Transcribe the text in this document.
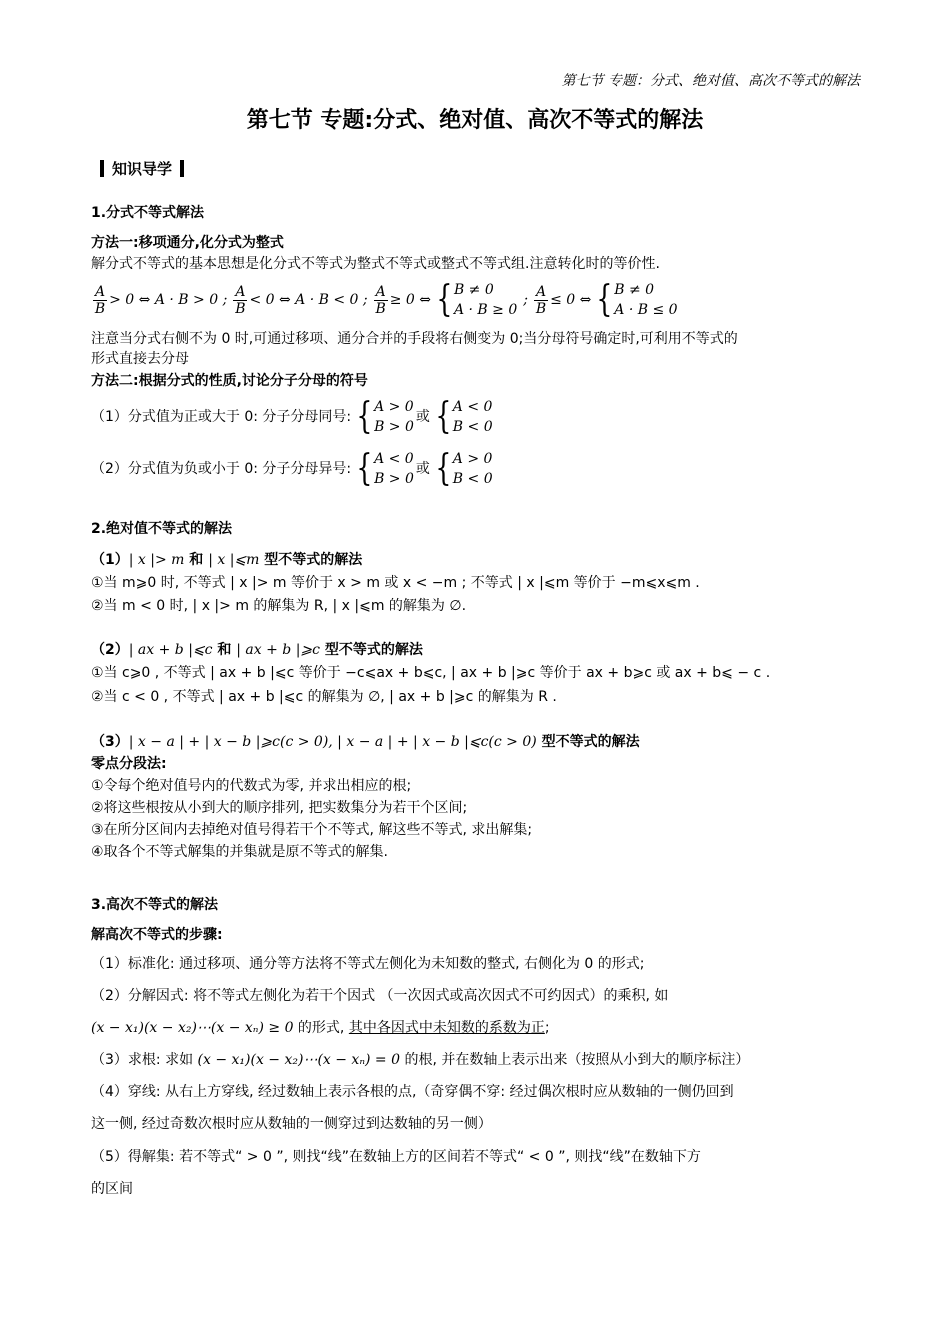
第七节 专题：分式、绝对值、高次不等式的解法
第七节 专题:分式、绝对值、高次不等式的解法
知识导学
1.分式不等式解法
方法一:移项通分,化分式为整式
解分式不等式的基本思想是化分式不等式为整式不等式或整式不等式组.注意转化时的等价性.
$\frac{A}{B} > 0$ ⇔ A · B > 0 ; $\frac{A}{B} < 0$ ⇔ A · B < 0 ; $\frac{A}{B} \ge 0$ ⇔ { B ≠ 0
A · B ≥ 0
; $\frac{A}{B} \le 0$ ⇔ { B ≠ 0
A · B ≤ 0
注意当分式右侧不为 0 时,可通过移项、通分合并的手段将右侧变为 0;当分母符号确定时,可利用不等式的
形式直接去分母
方法二:根据分式的性质,讨论分子分母的符号
（1）分式值为正或大于 0: 分子分母同号: { A > 0
B > 0
或 { A < 0
B < 0
（2）分式值为负或小于 0: 分子分母异号: { A < 0
B > 0
或 { A > 0
B < 0
2.绝对值不等式的解法
（1）| x |> m 和 | x |⩽m 型不等式的解法
①当 m⩾0 时, 不等式 | x |> m 等价于 x > m 或 x < −m ; 不等式 | x |⩽m 等价于 −m⩽x⩽m .
②当 m < 0 时, | x |> m 的解集为 R, | x |⩽m 的解集为 ∅.
（2）| ax + b |⩽c 和 | ax + b |⩾c 型不等式的解法
①当 c⩾0 , 不等式 | ax + b |⩽c 等价于 −c⩽ax + b⩽c, | ax + b |⩾c 等价于 ax + b⩾c 或 ax + b⩽ − c .
②当 c < 0 , 不等式 | ax + b |⩽c 的解集为 ∅, | ax + b |⩾c 的解集为 R .
（3）| x − a | + | x − b |⩾c(c > 0), | x − a | + | x − b |⩽c(c > 0) 型不等式的解法
零点分段法:
①令每个绝对值号内的代数式为零, 并求出相应的根;
②将这些根按从小到大的顺序排列, 把实数集分为若干个区间;
③在所分区间内去掉绝对值号得若干个不等式, 解这些不等式, 求出解集;
④取各个不等式解集的并集就是原不等式的解集.
3.高次不等式的解法
解高次不等式的步骤:
（1）标准化: 通过移项、通分等方法将不等式左侧化为未知数的整式, 右侧化为 0 的形式;
（2）分解因式: 将不等式左侧化为若干个因式 （一次因式或高次因式不可约因式）的乘积, 如
(x − x₁)(x − x₂)⋯(x − xₙ) ≥ 0 的形式, 其中各因式中未知数的系数为正;
（3）求根: 求如 (x − x₁)(x − x₂)⋯(x − xₙ) = 0 的根, 并在数轴上表示出来（按照从小到大的顺序标注）
（4）穿线: 从右上方穿线, 经过数轴上表示各根的点,（奇穿偶不穿: 经过偶次根时应从数轴的一侧仍回到
这一侧, 经过奇数次根时应从数轴的一侧穿过到达数轴的另一侧）
（5）得解集: 若不等式“ > 0 ”, 则找“线”在数轴上方的区间若不等式“ < 0 ”, 则找“线”在数轴下方
的区间
